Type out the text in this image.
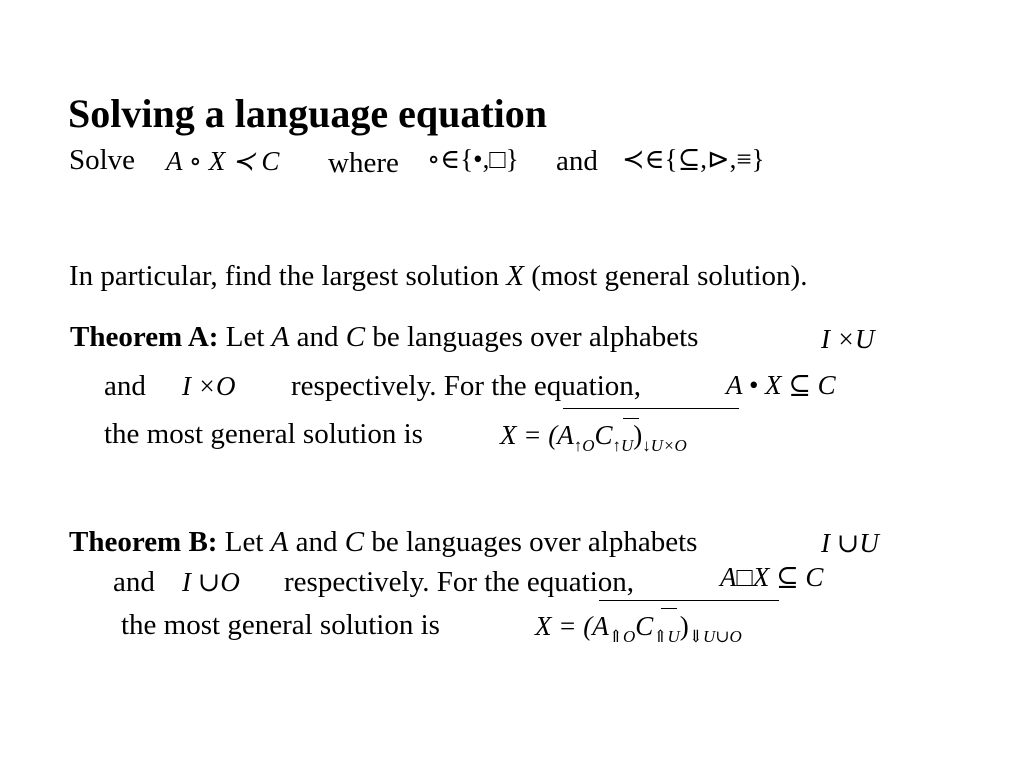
Solving a language equation
Solve A ∘ X ≺ C where ∘∈{•,□} and ≺∈{⊆,⊳,≡}
In particular, find the largest solution X (most general solution).
Theorem A: Let A and C be languages over alphabets	I ×U
and I ×O respectively. For the equation,	A • X ⊆ C
the most general solution is	$X = (A_{↑O}C_{↑U})_{↓U\times O}$
Theorem B: Let A and C be languages over alphabets	I ∪U
and I ∪O respectively. For the equation,	A□X ⊆ C
the most general solution is	$X = (A_{⇑O}C_{⇑U})_{⇓U\cup O}$
